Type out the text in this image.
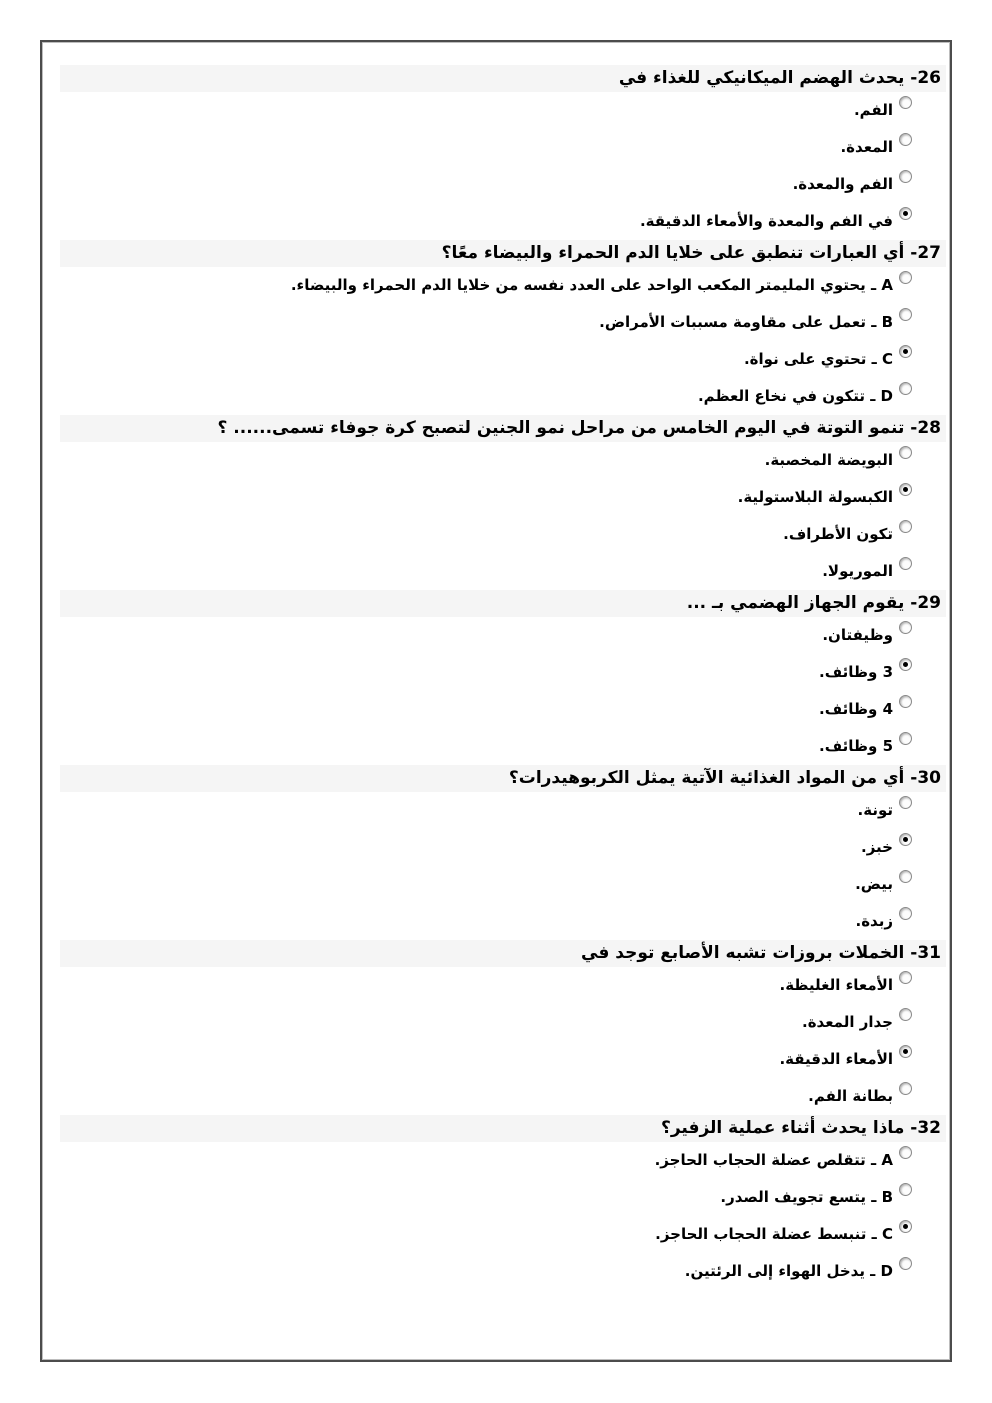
26- يحدث الهضم الميكانيكي للغذاء في
الفم.
المعدة.
الفم والمعدة.
في الفم والمعدة والأمعاء الدقيقة.
27- أي العبارات تنطبق على خلايا الدم الحمراء والبيضاء معًا؟
A ـ يحتوي المليمتر المكعب الواحد على العدد نفسه من خلايا الدم الحمراء والبيضاء.
B ـ تعمل على مقاومة مسببات الأمراض.
C ـ تحتوي على نواة.
D ـ تتكون في نخاع العظم.
28- تنمو التوتة في اليوم الخامس من مراحل نمو الجنين لتصبح كرة جوفاء تسمى...... ؟
البويضة المخصبة.
الكبسولة البلاستولية.
تكون الأطراف.
الموريولا.
29- يقوم الجهاز الهضمي بـ ...
وظيفتان.
3 وظائف.
4 وظائف.
5 وظائف.
30- أي من المواد الغذائية الآتية يمثل الكربوهيدرات؟
تونة.
خبز.
بيض.
زبدة.
31- الخملات بروزات تشبه الأصابع توجد في
الأمعاء الغليظة.
جدار المعدة.
الأمعاء الدقيقة.
بطانة الفم.
32- ماذا يحدث أثناء عملية الزفير؟
A ـ تتقلص عضلة الحجاب الحاجز.
B ـ يتسع تجويف الصدر.
C ـ تنبسط عضلة الحجاب الحاجز.
D ـ يدخل الهواء إلى الرئتين.
